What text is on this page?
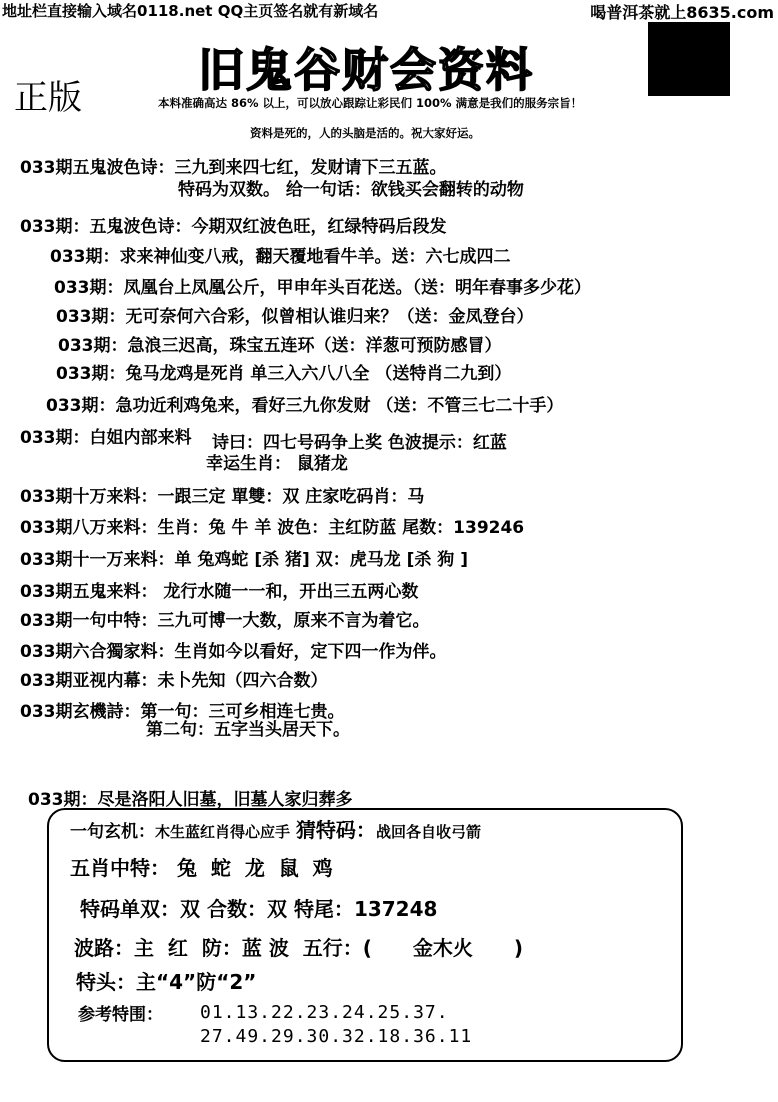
地址栏直接输入域名0118.net QQ主页签名就有新域名	喝普洱茶就上8635.com
旧鬼谷财会资料
正版	本料准确高达 86% 以上，可以放心跟踪让彩民们 100% 满意是我们的服务宗旨！
资料是死的，人的头脑是活的。祝大家好运。
033期五鬼波色诗：三九到来四七红，发财请下三五蓝。
特码为双数。 给一句话：欲钱买会翻转的动物
033期：五鬼波色诗：今期双红波色旺，红绿特码后段发
033期：求来神仙变八戒，翻天覆地看牛羊。送：六七成四二
033期：凤凰台上凤凰公斤，甲申年头百花送。（送：明年春事多少花）
033期：无可奈何六合彩，似曾相认谁归来？（送：金凤登台）
033期：急浪三迟高，珠宝五连环（送：洋葱可预防感冒）
033期：兔马龙鸡是死肖 单三入六八八全 （送特肖二九到）
033期：急功近利鸡兔来，看好三九你发财 （送：不管三七二十手）
033期：白姐内部来料 诗曰：四七号码争上奖 色波提示：红蓝
幸运生肖： 鼠猪龙
033期十万来料：一跟三定 單雙：双 庄家吃码肖：马
033期八万来料：生肖：兔 牛 羊 波色：主红防蓝 尾数：139246
033期十一万来料：单 兔鸡蛇 [杀 猪] 双：虎马龙 [杀 狗 ]
033期五鬼来料： 龙行水随一一和，开出三五两心数
033期一句中特：三九可博一大数，原来不言为着它。
033期六合獨家料：生肖如今以看好，定下四一作为伴。
033期亚视内幕：未卜先知（四六合数）
033期玄機詩：第一句：三可乡相连七贵。
第二句：五字当头居天下。
033期：尽是洛阳人旧墓，旧墓人家归葬多
一句玄机：木生蓝红肖得心应手 猜特码：战回各自收弓箭
五肖中特： 兔  蛇  龙  鼠  鸡
特码单双：双 合数：双 特尾：137248
波路：主  红  防：蓝 波  五行：( 金木火 )
特头：主“4”防“2”
参考特围： 01.13.22.23.24.25.37.
27.49.29.30.32.18.36.11
